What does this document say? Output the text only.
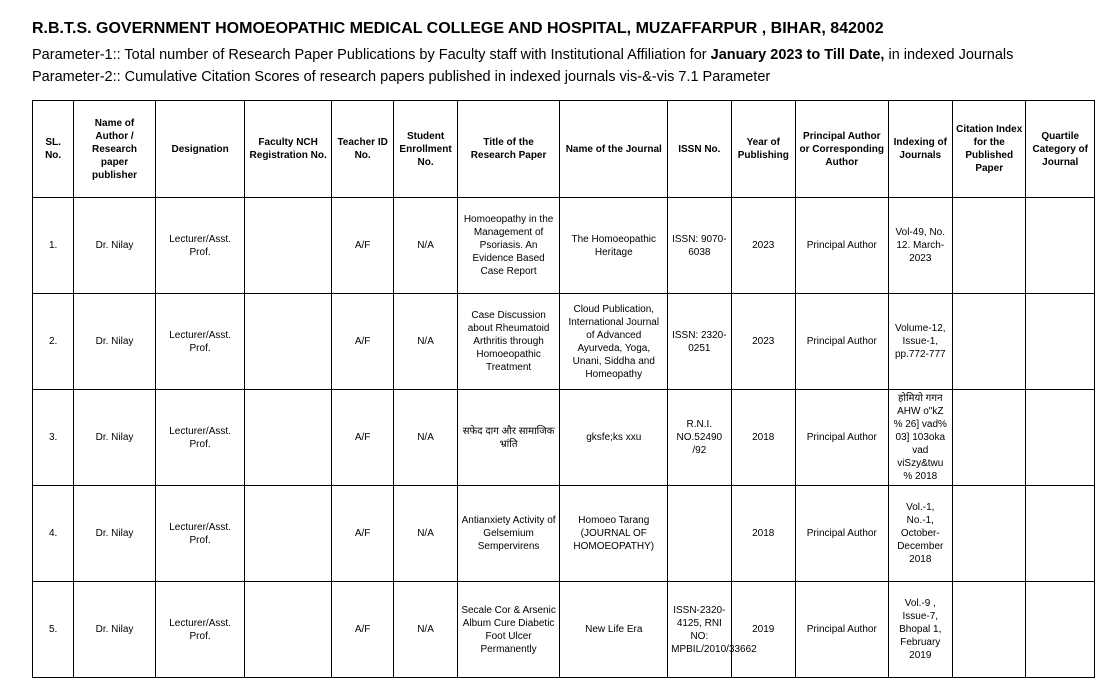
R.B.T.S. GOVERNMENT HOMOEOPATHIC MEDICAL COLLEGE AND HOSPITAL, MUZAFFARPUR , BIHAR, 842002
Parameter-1:: Total number of Research Paper Publications by Faculty staff with Institutional Affiliation for January 2023 to Till Date, in indexed Journals
Parameter-2:: Cumulative Citation Scores of research papers published in indexed journals vis-&-vis 7.1 Parameter
SL. No.	Name of Author / Research paper publisher	Designation	Faculty NCH Registration No.	Teacher ID No.	Student Enrollment No.	Title of the Research Paper	Name of the Journal	ISSN No.	Year of Publishing	Principal Author or Corresponding Author	Indexing of Journals	Citation Index for the Published Paper	Quartile Category of Journal
1.	Dr. Nilay	Lecturer/Asst. Prof.		A/F	N/A	Homoeopathy in the Management of Psoriasis. An Evidence Based Case Report	The Homoeopathic Heritage	ISSN: 9070-6038	2023	Principal Author	Vol-49, No. 12. March-2023		
2.	Dr. Nilay	Lecturer/Asst. Prof.		A/F	N/A	Case Discussion about Rheumatoid Arthritis through Homoeopathic Treatment	Cloud Publication, International Journal of Advanced Ayurveda, Yoga, Unani, Siddha and Homeopathy	ISSN: 2320-0251	2023	Principal Author	Volume-12, Issue-1, pp.772-777		
3.	Dr. Nilay	Lecturer/Asst. Prof.		A/F	N/A	सफेद दाग और सामाजिक भ्रांति	gksfe;ks xxu	R.N.I. NO.52490 /92	2018	Principal Author	होमियो गगन AHW o"kZ % 26] vad% 03] 103oka vad viSzy&twu % 2018		
4.	Dr. Nilay	Lecturer/Asst. Prof.		A/F	N/A	Antianxiety Activity of Gelsemium Sempervirens	Homoeo Tarang (JOURNAL OF HOMOEOPATHY)		2018	Principal Author	Vol.-1, No.-1, October-December 2018		
5.	Dr. Nilay	Lecturer/Asst. Prof.		A/F	N/A	Secale Cor & Arsenic Album Cure Diabetic Foot Ulcer Permanently	New Life Era	ISSN-2320-4125, RNI NO: MPBIL/2010/33662	2019	Principal Author	Vol.-9 , Issue-7, Bhopal 1, February 2019		
